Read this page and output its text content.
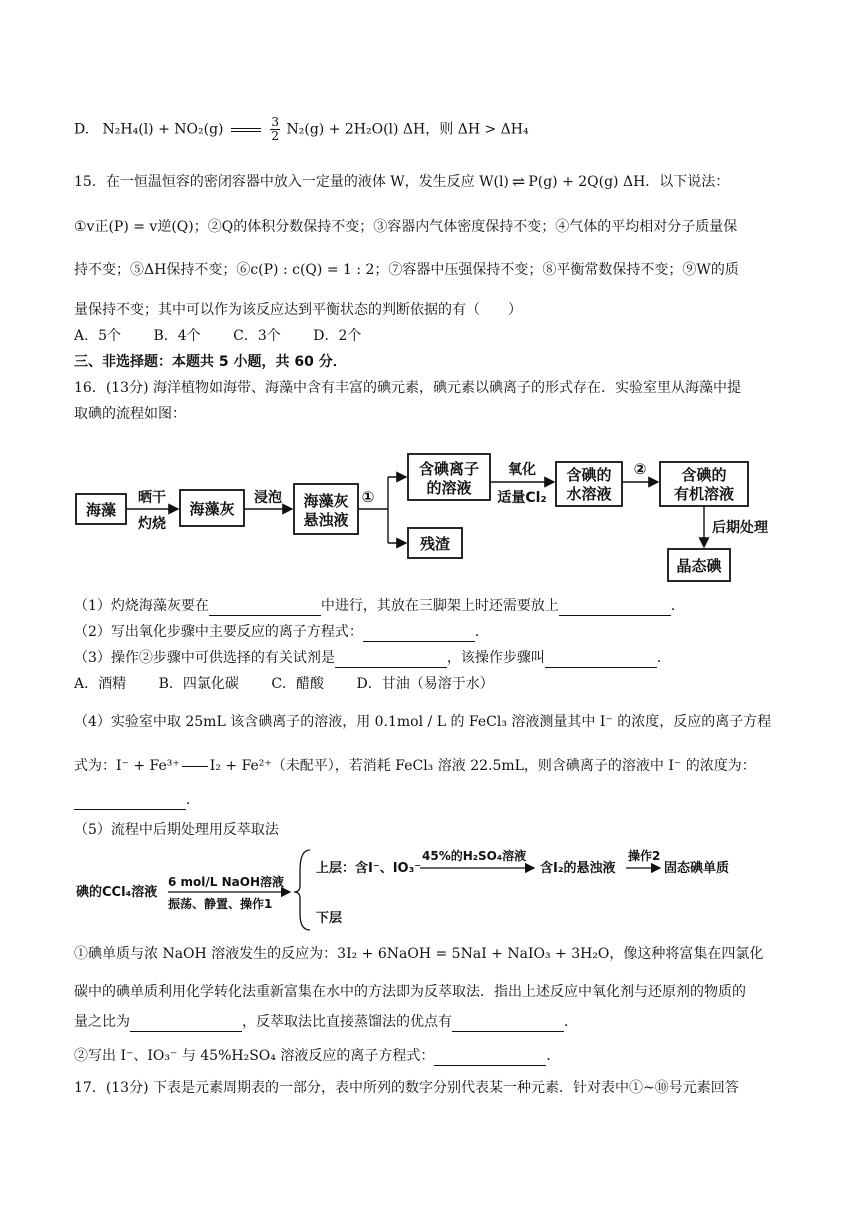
D. N₂H₄(l) + NO₂(g)	$\frac{3}{2} N_2(g) + 2H_2O(l)$ ΔH，则 ΔH > ΔH₄
15．在一恒温恒容的密闭容器中放入一定量的液体 W，发生反应 W(l) ⇌ P(g) + 2Q(g) ΔH．以下说法：
①v正(P) = v逆(Q)；②Q的体积分数保持不变；③容器内气体密度保持不变；④气体的平均相对分子质量保
持不变；⑤ΔH保持不变；⑥c(P) : c(Q) = 1 : 2；⑦容器中压强保持不变；⑧平衡常数保持不变；⑨W的质
量保持不变；其中可以作为该反应达到平衡状态的判断依据的有（　　）
A．5个 B．4个 C．3个 D．2个
三、非选择题：本题共 5 小题，共 60 分．
16．(13分) 海洋植物如海带、海藻中含有丰富的碘元素，碘元素以碘离子的形式存在．实验室里从海藻中提
取碘的流程如图：
海藻
晒干
灼烧
海藻灰
浸泡 海藻灰
悬浊液
①
含碘离子
的溶液
残渣
氧化
适量Cl₂
含碘的
水溶液
② 含碘的
有机溶液
后期处理
晶态碘
（1）灼烧海藻灰要在	中进行，其放在三脚架上时还需要放上	．
（2）写出氧化步骤中主要反应的离子方程式：	．
（3）操作②步骤中可供选择的有关试剂是	，该操作步骤叫	．
A．酒精 B．四氯化碳 C．醋酸 D．甘油（易溶于水）
（4）实验室中取 25mL 该含碘离子的溶液，用 0.1mol / L 的 FeCl₃ 溶液测量其中 I⁻ 的浓度，反应的离子方程
式为：I⁻ + Fe³⁺ I₂ + Fe²⁺（未配平），若消耗 FeCl₃ 溶液 22.5mL，则含碘离子的溶液中 I⁻ 的浓度为：
．
（5）流程中后期处理用反萃取法
碘的CCl₄溶液
6 mol/L NaOH溶液
振荡、静置、操作1
上层：含I⁻、IO₃⁻
45%的H₂SO₄溶液
含I₂的悬浊液
操作2
固态碘单质
下层
①碘单质与浓 NaOH 溶液发生的反应为：3I₂ + 6NaOH = 5NaI + NaIO₃ + 3H₂O，像这种将富集在四氯化
碳中的碘单质利用化学转化法重新富集在水中的方法即为反萃取法．指出上述反应中氧化剂与还原剂的物质的
量之比为	，反萃取法比直接蒸馏法的优点有	．
②写出 I⁻、IO₃⁻ 与 45%H₂SO₄ 溶液反应的离子方程式：	．
17．(13分) 下表是元素周期表的一部分，表中所列的数字分别代表某一种元素．针对表中①~⑩号元素回答
